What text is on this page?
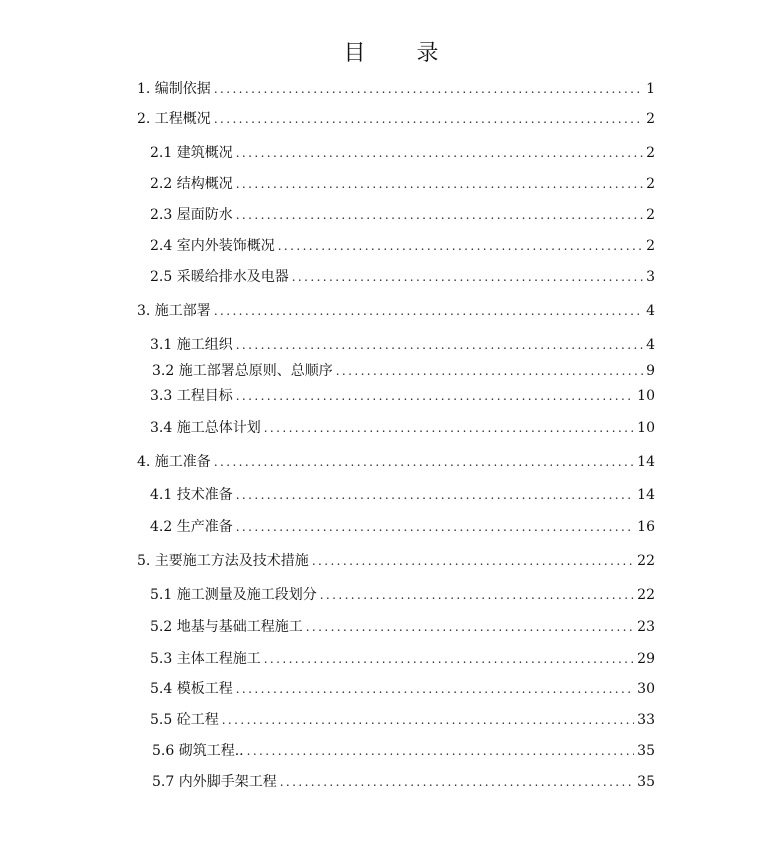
目 录
1. 编制依据 .....	1
2. 工程概况 .....	2
2.1 建筑概况 .....	2
2.2 结构概况 .....	2
2.3 屋面防水 .....	2
2.4 室内外装饰概况 .....	2
2.5 采暖给排水及电器 .....	3
3. 施工部署 .....	4
3.1 施工组织 .....	4
3.2 施工部署总原则、总顺序 .....	9
3.3 工程目标 .....	10
3.4 施工总体计划 .....	10
4. 施工准备 .....	14
4.1 技术准备 .....	14
4.2 生产准备 .....	16
5. 主要施工方法及技术措施 .....	22
5.1 施工测量及施工段划分 .....	22
5.2 地基与基础工程施工 .....	23
5.3 主体工程施工 .....	29
5.4 模板工程 .....	30
5.5 砼工程 .....	33
5.6 砌筑工程.. .....	35
5.7 内外脚手架工程 .....	35
